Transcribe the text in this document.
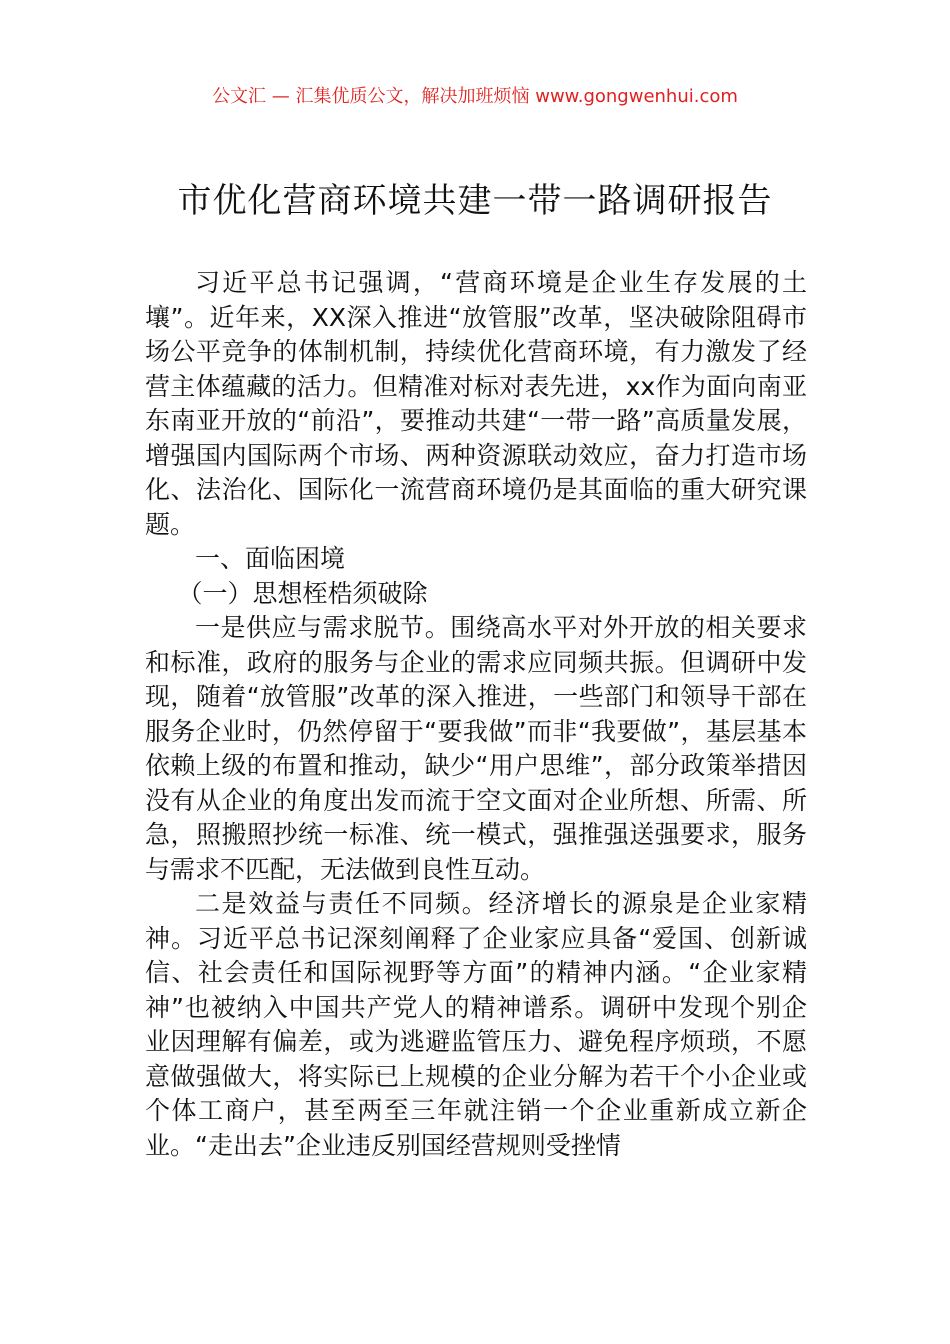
公文汇 — 汇集优质公文，解决加班烦恼 www.gongwenhui.com
市优化营商环境共建一带一路调研报告

习近平总书记强调，“营商环境是企业生存发展的土壤”。近年来，XX深入推进“放管服”改革，坚决破除阻碍市场公平竞争的体制机制，持续优化营商环境，有力激发了经营主体蕴藏的活力。但精准对标对表先进，xx作为面向南亚东南亚开放的“前沿”，要推动共建“一带一路”高质量发展，增强国内国际两个市场、两种资源联动效应，奋力打造市场化、法治化、国际化一流营商环境仍是其面临的重大研究课题。

一、面临困境

（一）思想桎梏须破除

一是供应与需求脱节。围绕高水平对外开放的相关要求和标准，政府的服务与企业的需求应同频共振。但调研中发现，随着“放管服”改革的深入推进，一些部门和领导干部在服务企业时，仍然停留于“要我做”而非“我要做”，基层基本依赖上级的布置和推动，缺少“用户思维”，部分政策举措因没有从企业的角度出发而流于空文面对企业所想、所需、所急，照搬照抄统一标准、统一模式，强推强送强要求，服务与需求不匹配，无法做到良性互动。

二是效益与责任不同频。经济增长的源泉是企业家精神。习近平总书记深刻阐释了企业家应具备“爱国、创新诚信、社会责任和国际视野等方面”的精神内涵。“企业家精神”也被纳入中国共产党人的精神谱系。调研中发现个别企业因理解有偏差，或为逃避监管压力、避免程序烦琐，不愿意做强做大，将实际已上规模的企业分解为若干个小企业或个体工商户，甚至两至三年就注销一个企业重新成立新企业。“走出去”企业违反别国经营规则受挫情
